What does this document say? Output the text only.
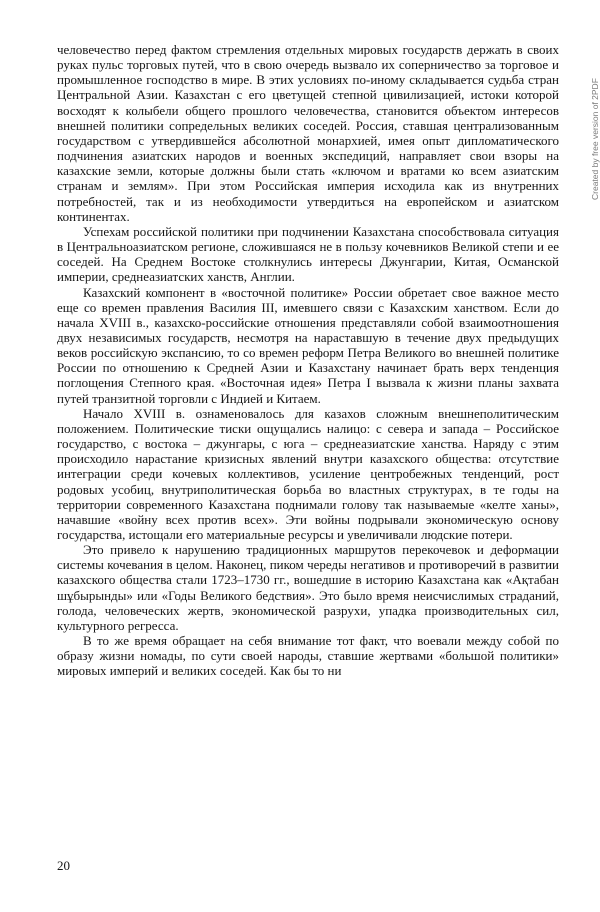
человечество перед фактом стремления отдельных мировых государств держать в своих руках пульс торговых путей, что в свою очередь вызвало их соперничество за торговое и промышленное господство в мире. В этих условиях по-иному складывается судьба стран Центральной Азии. Казахстан с его цветущей степной цивилизацией, истоки которой восходят к колыбели общего прошлого человечества, становится объектом интересов внешней политики сопредельных великих соседей. Россия, ставшая централизованным государством с утвердившейся абсолютной монархией, имея опыт дипломатического подчинения азиатских народов и военных экспедиций, направляет свои взоры на казахские земли, которые должны были стать «ключом и вратами ко всем азиатским странам и землям». При этом Российская империя исходила как из внутренних потребностей, так и из необходимости утвердиться на европейском и азиатском континентах.

Успехам российской политики при подчинении Казахстана способствовала ситуация в Центральноазиатском регионе, сложившаяся не в пользу кочевников Великой степи и ее соседей. На Среднем Востоке столкнулись интересы Джунгарии, Китая, Османской империи, среднеазиатских ханств, Англии.

Казахский компонент в «восточной политике» России обретает свое важное место еще со времен правления Василия III, имевшего связи с Казахским ханством. Если до начала XVIII в., казахско-российские отношения представляли собой взаимоотношения двух независимых государств, несмотря на нараставшую в течение двух предыдущих веков российскую экспансию, то со времен реформ Петра Великого во внешней политике России по отношению к Средней Азии и Казахстану начинает брать верх тенденция поглощения Степного края. «Восточная идея» Петра I вызвала к жизни планы захвата путей транзитной торговли с Индией и Китаем.

Начало XVIII в. ознаменовалось для казахов сложным внешнеполитическим положением. Политические тиски ощущались налицо: с севера и запада – Российское государство, с востока – джунгары, с юга – среднеазиатские ханства. Наряду с этим происходило нарастание кризисных явлений внутри казахского общества: отсутствие интеграции среди кочевых коллективов, усиление центробежных тенденций, рост родовых усобиц, внутриполитическая борьба во властных структурах, в те годы на территории современного Казахстана поднимали голову так называемые «келте ханы», начавшие «войну всех против всех». Эти войны подрывали экономическую основу государства, истощали его материальные ресурсы и увеличивали людские потери.

Это привело к нарушению традиционных маршрутов перекочевок и деформации системы кочевания в целом. Наконец, пиком череды негативов и противоречий в развитии казахского общества стали 1723–1730 гг., вошедшие в историю Казахстана как «Ақтабан шұбырынды» или «Годы Великого бедствия». Это было время неисчислимых страданий, голода, человеческих жертв, экономической разрухи, упадка производительных сил, культурного регресса.

В то же время обращает на себя внимание тот факт, что воевали между собой по образу жизни номады, по сути своей народы, ставшие жертвами «большой политики» мировых империй и великих соседей. Как бы то ни

20
Created by free version of 2PDF
